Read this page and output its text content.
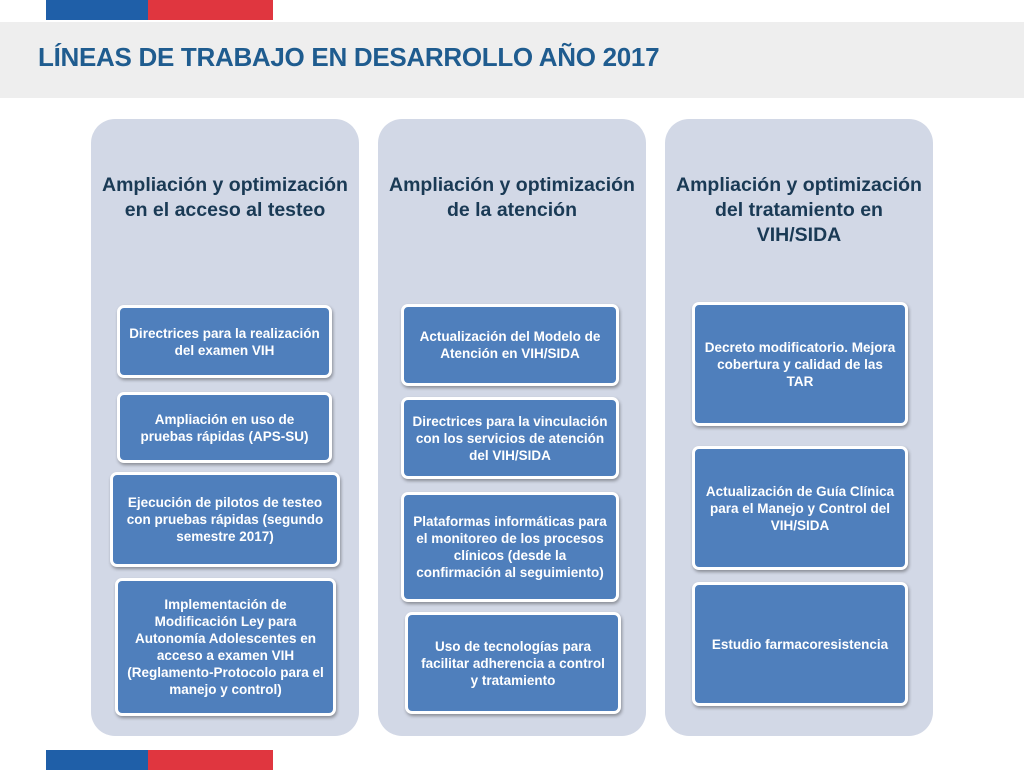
LÍNEAS DE TRABAJO EN DESARROLLO AÑO 2017
Ampliación y optimización en el acceso al testeo
Directrices para la realización del examen VIH
Ampliación en uso de pruebas rápidas (APS-SU)
Ejecución de pilotos de testeo con pruebas rápidas (segundo semestre 2017)
Implementación de Modificación Ley para Autonomía Adolescentes en acceso a examen VIH (Reglamento-Protocolo para el manejo y control)
Ampliación y optimización de la atención
Actualización del Modelo de Atención en VIH/SIDA
Directrices para la vinculación con los servicios de atención del VIH/SIDA
Plataformas informáticas para el monitoreo de los procesos clínicos (desde la confirmación al seguimiento)
Uso de tecnologías para facilitar adherencia a control y tratamiento
Ampliación y optimización del tratamiento en VIH/SIDA
Decreto modificatorio. Mejora cobertura y calidad de las TAR
Actualización de Guía Clínica para el Manejo y Control del VIH/SIDA
Estudio farmacoresistencia
